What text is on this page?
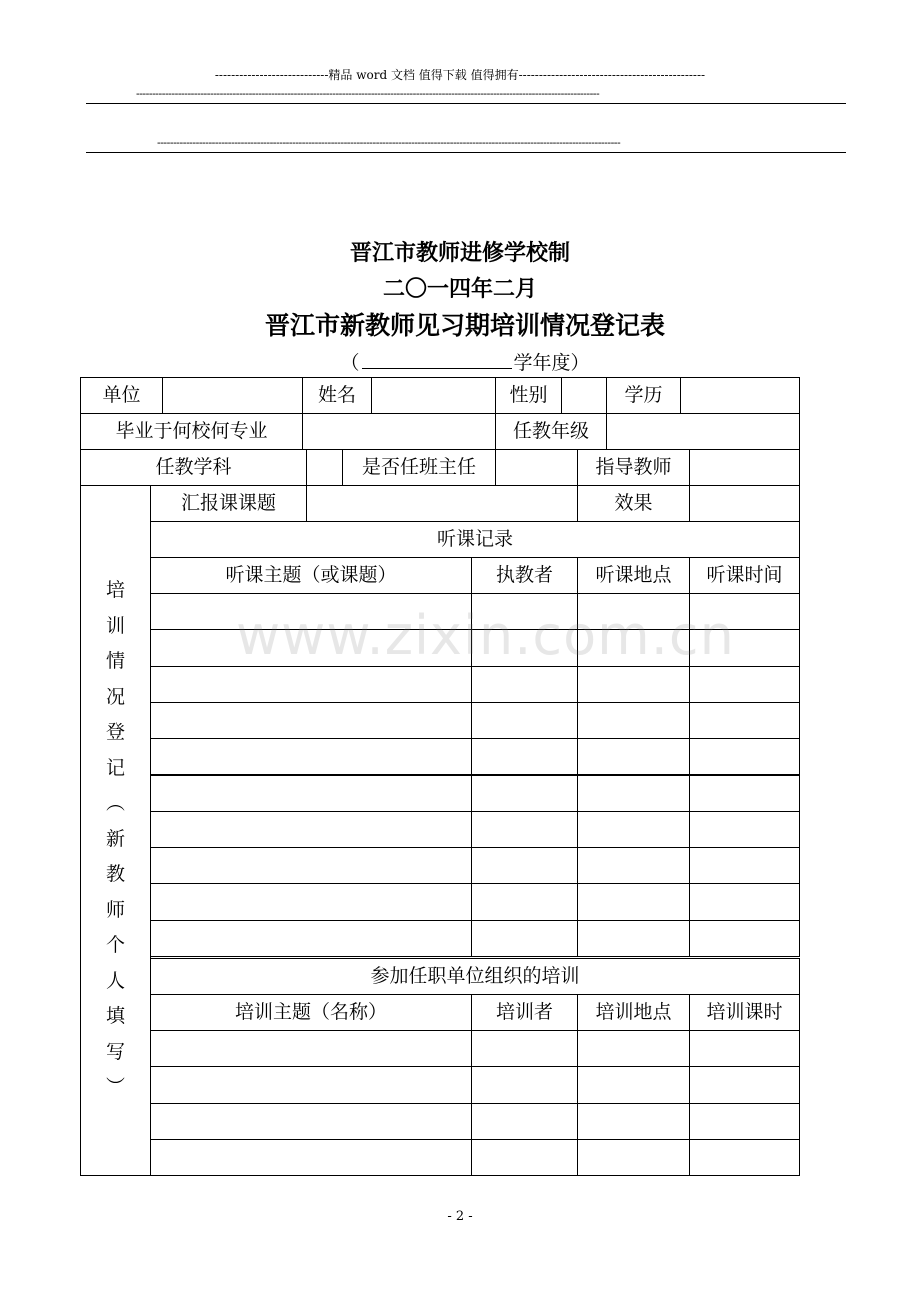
----------------------------精品 word 文档 值得下载 值得拥有----------------------------------------------
------------------------------------------------------------------------------------------------------------------------------------------------
------------------------------------------------------------------------------------------------------------------------------------------------
晋江市教师进修学校制
二〇一四年二月
晋江市新教师见习期培训情况登记表
（	学年度）
单位	姓名	性别	学历
毕业于何校何专业	任教年级
任教学科	是否任班主任	指导教师
培
训
情
况
登
记
︵
新
教
师
个
人
填
写
︶
汇报课课题	效果
听课记录
听课主题（或课题）	执教者	听课地点	听课时间
参加任职单位组织的培训
培训主题（名称）	培训者	培训地点	培训课时
www.zixin.com.cn
- 2 -
